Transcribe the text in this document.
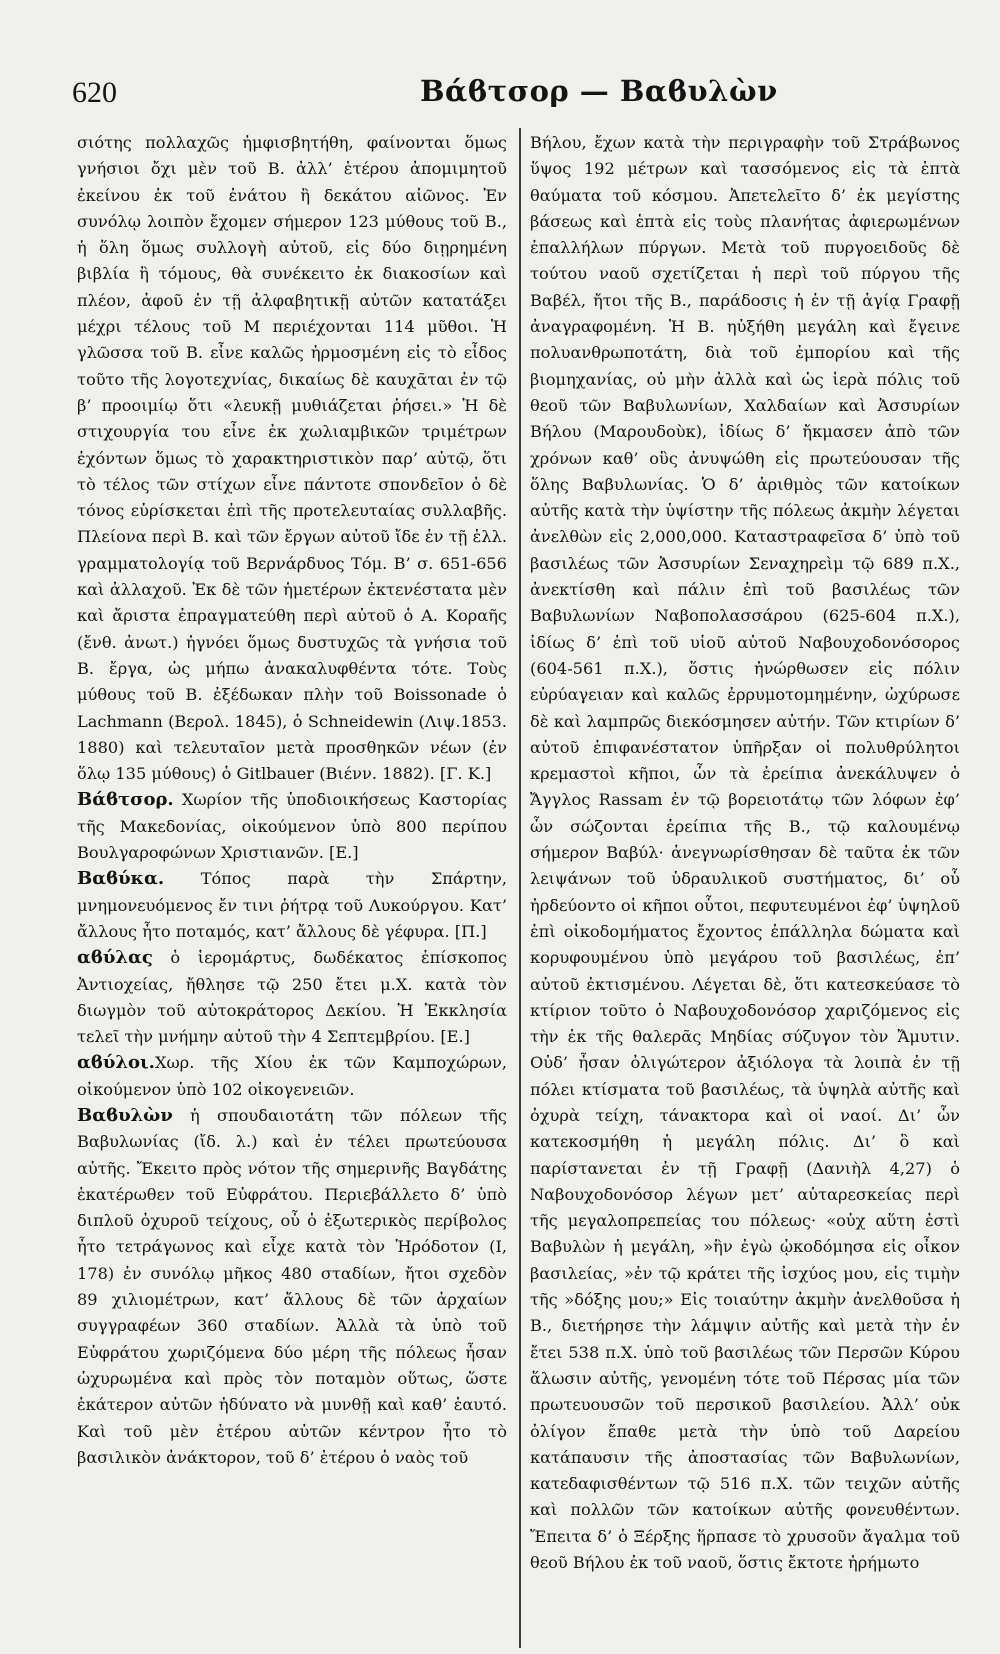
620	Βάϐτσορ — Βαϐυλὼν

σιότης πολλαχῶς ἠμφισβητήθη, φαίνονται ὅμως γνήσιοι ὄχι μὲν τοῦ Β. ἀλλ’ ἑτέρου ἀπομιμητοῦ ἐκείνου ἐκ τοῦ ἐνάτου ἢ δεκάτου αἰῶνος. Ἐν συνόλῳ λοιπὸν ἔχομεν σήμερον 123 μύθους τοῦ Β., ἡ ὅλη ὅμως συλλογὴ αὐτοῦ, εἰς δύο διῃρημένη βιβλία ἢ τόμους, θὰ συνέκειτο ἐκ διακοσίων καὶ πλέον, ἀφοῦ ἐν τῇ ἀλφαβητικῇ αὐτῶν κατατάξει μέχρι τέλους τοῦ Μ περιέχονται 114 μῦθοι. Ἡ γλῶσσα τοῦ Β. εἶνε καλῶς ἡρμοσμένη εἰς τὸ εἶδος τοῦτο τῆς λογοτεχνίας, δικαίως δὲ καυχᾶται ἐν τῷ β’ προοιμίῳ ὅτι «λευκῇ μυθιάζεται ῥήσει.» Ἡ δὲ στιχουργία του εἶνε ἐκ χωλιαμβικῶν τριμέτρων ἐχόντων ὅμως τὸ χαρακτηριστικὸν παρ’ αὐτῷ, ὅτι τὸ τέλος τῶν στίχων εἶνε πάντοτε σπονδεῖον ὁ δὲ τόνος εὑρίσκεται ἐπὶ τῆς προτελευταίας συλλαβῆς. Πλείονα περὶ Β. καὶ τῶν ἔργων αὐτοῦ ἴδε ἐν τῇ ἑλλ. γραμματολογίᾳ τοῦ Βερνάρδυος Τόμ. Β’ σ. 651-656 καὶ ἀλλαχοῦ. Ἐκ δὲ τῶν ἡμετέρων ἐκτενέστατα μὲν καὶ ἄριστα ἐπραγματεύθη περὶ αὐτοῦ ὁ Α. Κοραῆς (ἔνθ. ἀνωτ.) ἠγνόει ὅμως δυστυχῶς τὰ γνήσια τοῦ Β. ἔργα, ὡς μήπω ἀνακαλυφθέντα τότε. Τοὺς μύθους τοῦ Β. ἐξέδωκαν πλὴν τοῦ Boissonade ὁ Lachmann (Βερολ. 1845), ὁ Schneidewin (Λιψ.1853. 1880) καὶ τελευταῖον μετὰ προσθηκῶν νέων (ἐν ὅλῳ 135 μύθους) ὁ Gitlbauer (Βιένν. 1882). [Γ. Κ.]

Βάϐτσορ. Χωρίον τῆς ὑποδιοικήσεως Καστορίας τῆς Μακεδονίας, οἰκούμενον ὑπὸ 800 περίπου Βουλγαροφώνων Χριστιανῶν. [Ε.]

Βαϐύκα. Τόπος παρὰ τὴν Σπάρτην, μνημονευόμενος ἔν τινι ῥήτρᾳ τοῦ Λυκούργου. Κατ’ ἄλλους ἦτο ποταμός, κατ’ ἄλλους δὲ γέφυρα. [Π.]

αϐύλας ὁ ἱερομάρτυς, δωδέκατος ἐπίσκοπος Ἀντιοχείας, ἤθλησε τῷ 250 ἔτει μ.Χ. κατὰ τὸν διωγμὸν τοῦ αὐτοκράτορος Δεκίου. Ἡ Ἐκκλησία τελεῖ τὴν μνήμην αὐτοῦ τὴν 4 Σεπτεμβρίου. [Ε.]

αϐύλοι.Χωρ. τῆς Χίου ἐκ τῶν Καμποχώρων, οἰκούμενον ὑπὸ 102 οἰκογενειῶν.

Βαϐυλὼν ἡ σπουδαιοτάτη τῶν πόλεων τῆς Βαβυλωνίας (ἴδ. λ.) καὶ ἐν τέλει πρωτεύουσα αὐτῆς. Ἔκειτο πρὸς νότον τῆς σημερινῆς Βαγδάτης ἑκατέρωθεν τοῦ Εὐφράτου. Περιεβάλλετο δ’ ὑπὸ διπλοῦ ὀχυροῦ τείχους, οὗ ὁ ἐξωτερικὸς περίβολος ἦτο τετράγωνος καὶ εἶχε κατὰ τὸν Ἡρόδοτον (Ι, 178) ἐν συνόλῳ μῆκος 480 σταδίων, ἤτοι σχεδὸν 89 χιλιομέτρων, κατ’ ἄλλους δὲ τῶν ἀρχαίων συγγραφέων 360 σταδίων. Ἀλλὰ τὰ ὑπὸ τοῦ Εὐφράτου χωριζόμενα δύο μέρη τῆς πόλεως ἦσαν ὠχυρωμένα καὶ πρὸς τὸν ποταμὸν οὕτως, ὥστε ἑκάτερον αὐτῶν ἠδύνατο νὰ μυνθῇ καὶ καθ’ ἑαυτό. Καὶ τοῦ μὲν ἑτέρου αὐτῶν κέντρον ἦτο τὸ βασιλικὸν ἀνάκτορον, τοῦ δ’ ἑτέρου ὁ ναὸς τοῦ

Βήλου, ἔχων κατὰ τὴν περιγραφὴν τοῦ Στράβωνος ὕψος 192 μέτρων καὶ τασσόμενος εἰς τὰ ἑπτὰ θαύματα τοῦ κόσμου. Ἀπετελεῖτο δ’ ἐκ μεγίστης βάσεως καὶ ἑπτὰ εἰς τοὺς πλανήτας ἀφιερωμένων ἐπαλλήλων πύργων. Μετὰ τοῦ πυργοειδοῦς δὲ τούτου ναοῦ σχετίζεται ἡ περὶ τοῦ πύργου τῆς Βαβέλ, ἤτοι τῆς Β., παράδοσις ἡ ἐν τῇ ἁγίᾳ Γραφῇ ἀναγραφομένη. Ἡ Β. ηὐξήθη μεγάλη καὶ ἔγεινε πολυανθρωποτάτη, διὰ τοῦ ἐμπορίου καὶ τῆς βιομηχανίας, οὐ μὴν ἀλλὰ καὶ ὡς ἱερὰ πόλις τοῦ θεοῦ τῶν Βαβυλωνίων, Χαλδαίων καὶ Ἀσσυρίων Βήλου (Μαρουδοὺκ), ἰδίως δ’ ἤκμασεν ἀπὸ τῶν χρόνων καθ’ οὓς ἀνυψώθη εἰς πρωτεύουσαν τῆς ὅλης Βαβυλωνίας. Ὁ δ’ ἀριθμὸς τῶν κατοίκων αὐτῆς κατὰ τὴν ὑψίστην τῆς πόλεως ἀκμὴν λέγεται ἀνελθὼν εἰς 2,000,000. Καταστραφεῖσα δ’ ὑπὸ τοῦ βασιλέως τῶν Ἀσσυρίων Σεναχηρεὶμ τῷ 689 π.Χ., ἀνεκτίσθη καὶ πάλιν ἐπὶ τοῦ βασιλέως τῶν Βαβυλωνίων Ναβοπολασσάρου (625-604 π.Χ.), ἰδίως δ’ ἐπὶ τοῦ υἱοῦ αὐτοῦ Ναβουχοδονόσορος (604-561 π.Χ.), ὅστις ἠνώρθωσεν εἰς πόλιν εὐρύαγειαν καὶ καλῶς ἐρρυμοτομημένην, ὠχύρωσε δὲ καὶ λαμπρῶς διεκόσμησεν αὐτήν. Τῶν κτιρίων δ’ αὐτοῦ ἐπιφανέστατον ὑπῆρξαν οἱ πολυθρύλητοι κρεμαστοὶ κῆποι, ὧν τὰ ἐρείπια ἀνεκάλυψεν ὁ Ἄγγλος Rassam ἐν τῷ βορειοτάτῳ τῶν λόφων ἐφ’ ὧν σώζονται ἐρείπια τῆς Β., τῷ καλουμένῳ σήμερον Βαβύλ· ἀνεγνωρίσθησαν δὲ ταῦτα ἐκ τῶν λειψάνων τοῦ ὑδραυλικοῦ συστήματος, δι’ οὗ ἠρδεύοντο οἱ κῆποι οὗτοι, πεφυτευμένοι ἐφ’ ὑψηλοῦ ἐπὶ οἰκοδομήματος ἔχοντος ἐπάλληλα δώματα καὶ κορυφουμένου ὑπὸ μεγάρου τοῦ βασιλέως, ἐπ’ αὐτοῦ ἐκτισμένου. Λέγεται δὲ, ὅτι κατεσκεύασε τὸ κτίριον τοῦτο ὁ Ναβουχοδονόσορ χαριζόμενος εἰς τὴν ἐκ τῆς θαλερᾶς Μηδίας σύζυγον τὸν Ἄμυτιν. Οὐδ’ ἦσαν ὀλιγώτερον ἀξιόλογα τὰ λοιπὰ ἐν τῇ πόλει κτίσματα τοῦ βασιλέως, τὰ ὑψηλὰ αὐτῆς καὶ ὀχυρὰ τείχη, τάνακτορα καὶ οἱ ναοί. Δι’ ὧν κατεκοσμήθη ἡ μεγάλη πόλις. Δι’ ὃ καὶ παρίστανεται ἐν τῇ Γραφῇ (Δανιὴλ 4,27) ὁ Ναβουχοδονόσορ λέγων μετ’ αὐταρεσκείας περὶ τῆς μεγαλοπρεπείας του πόλεως· «οὐχ αὕτη ἐστὶ Βαβυλὼν ἡ μεγάλη, »ἣν ἐγὼ ᾠκοδόμησα εἰς οἶκον βασιλείας, »ἐν τῷ κράτει τῆς ἰσχύος μου, εἰς τιμὴν τῆς »δόξης μου;» Εἰς τοιαύτην ἀκμὴν ἀνελθοῦσα ἡ Β., διετήρησε τὴν λάμψιν αὐτῆς καὶ μετὰ τὴν ἐν ἔτει 538 π.Χ. ὑπὸ τοῦ βασιλέως τῶν Περσῶν Κύρου ἅλωσιν αὐτῆς, γενομένη τότε τοῦ Πέρσας μία τῶν πρωτευουσῶν τοῦ περσικοῦ βασιλείου. Ἀλλ’ οὐκ ὀλίγον ἔπαθε μετὰ τὴν ὑπὸ τοῦ Δαρείου κατάπαυσιν τῆς ἀποστασίας τῶν Βαβυλωνίων, κατεδαφισθέντων τῷ 516 π.Χ. τῶν τειχῶν αὐτῆς καὶ πολλῶν τῶν κατοίκων αὐτῆς φονευθέντων. Ἔπειτα δ’ ὁ Ξέρξης ἥρπασε τὸ χρυσοῦν ἄγαλμα τοῦ θεοῦ Βήλου ἐκ τοῦ ναοῦ, ὅστις ἔκτοτε ἠρήμωτο
